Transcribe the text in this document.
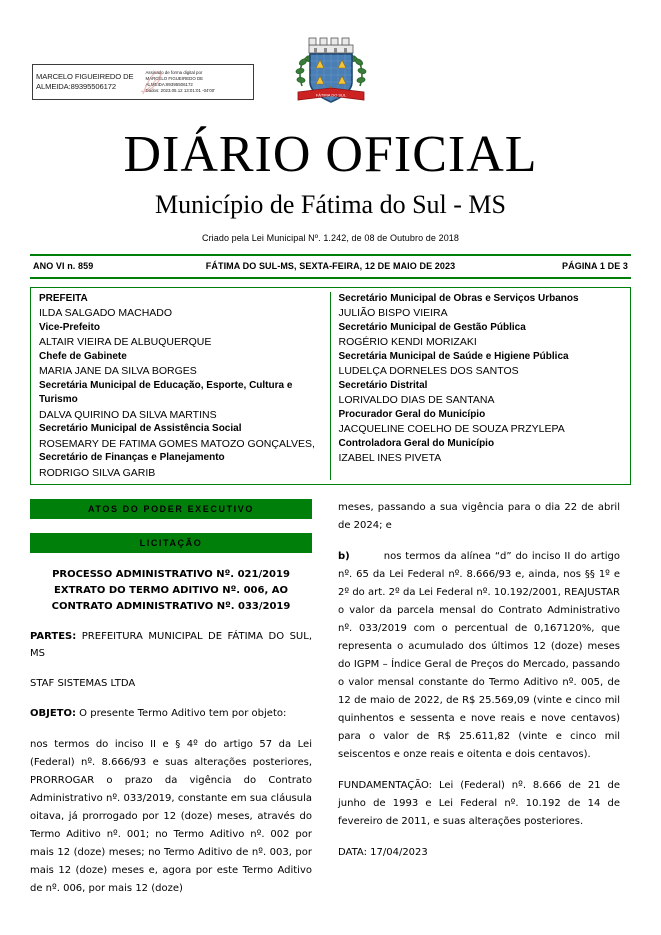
MARCELO FIGUEIREDO DE
ALMEIDA:89395506172
Assinado de forma digital por
MARCELO FIGUEIREDO DE
ALMEIDA:89395506172
Dados: 2023.05.12 13:01:01 -04'00'
FÁTIMA DO SUL
DIÁRIO OFICIAL
Município de Fátima do Sul - MS
Criado pela Lei Municipal Nº. 1.242, de 08 de Outubro de 2018
ANO VI n. 859	FÁTIMA DO SUL-MS, SEXTA-FEIRA, 12 DE MAIO DE 2023	PÁGINA 1 DE 3
PREFEITA
ILDA SALGADO MACHADO
Vice-Prefeito
ALTAIR VIEIRA DE ALBUQUERQUE
Chefe de Gabinete
MARIA JANE DA SILVA BORGES
Secretária Municipal de Educação, Esporte, Cultura e Turismo
DALVA QUIRINO DA SILVA MARTINS
Secretário Municipal de Assistência Social
ROSEMARY DE FATIMA GOMES MATOZO GONÇALVES,
Secretário de Finanças e Planejamento
RODRIGO SILVA GARIB
Secretário Municipal de Obras e Serviços Urbanos
JULIÃO BISPO VIEIRA
Secretário Municipal de Gestão Pública
ROGÉRIO KENDI MORIZAKI
Secretária Municipal de Saúde e Higiene Pública
LUDELÇA DORNELES DOS SANTOS
Secretário Distrital
LORIVALDO DIAS DE SANTANA
Procurador Geral do Município
JACQUELINE COELHO DE SOUZA PRZYLEPA
Controladora Geral do Município
IZABEL INES PIVETA
ATOS DO PODER EXECUTIVO
LICITAÇÃO
PROCESSO ADMINISTRATIVO Nº. 021/2019
EXTRATO DO TERMO ADITIVO Nº. 006, AO
CONTRATO ADMINISTRATIVO Nº. 033/2019

PARTES: PREFEITURA MUNICIPAL DE FÁTIMA DO SUL, MS

STAF SISTEMAS LTDA

OBJETO: O presente Termo Aditivo tem por objeto:

nos termos do inciso II e § 4º do artigo 57 da Lei (Federal) nº. 8.666/93 e suas alterações posteriores, PRORROGAR o prazo da vigência do Contrato Administrativo nº. 033/2019, constante em sua cláusula oitava, já prorrogado por 12 (doze) meses, através do Termo Aditivo nº. 001; no Termo Aditivo nº. 002 por mais 12 (doze) meses; no Termo Aditivo de nº. 003, por mais 12 (doze) meses e, agora por este Termo Aditivo de nº. 006, por mais 12 (doze)

meses, passando a sua vigência para o dia 22 de abril de 2024; e

b)	nos termos da alínea “d” do inciso II do artigo nº. 65 da Lei Federal nº. 8.666/93 e, ainda, nos §§ 1º e 2º do art. 2º da Lei Federal nº. 10.192/2001, REAJUSTAR o valor da parcela mensal do Contrato Administrativo nº. 033/2019 com o percentual de 0,167120%, que representa o acumulado dos últimos 12 (doze) meses do IGPM – Índice Geral de Preços do Mercado, passando o valor mensal constante do Termo Aditivo nº. 005, de 12 de maio de 2022, de R$ 25.569,09 (vinte e cinco mil quinhentos e sessenta e nove reais e nove centavos) para o valor de R$ 25.611,82 (vinte e cinco mil seiscentos e onze reais e oitenta e dois centavos).

FUNDAMENTAÇÃO: Lei (Federal) nº. 8.666 de 21 de junho de 1993 e Lei Federal nº. 10.192 de 14 de fevereiro de 2011, e suas alterações posteriores.

DATA: 17/04/2023
